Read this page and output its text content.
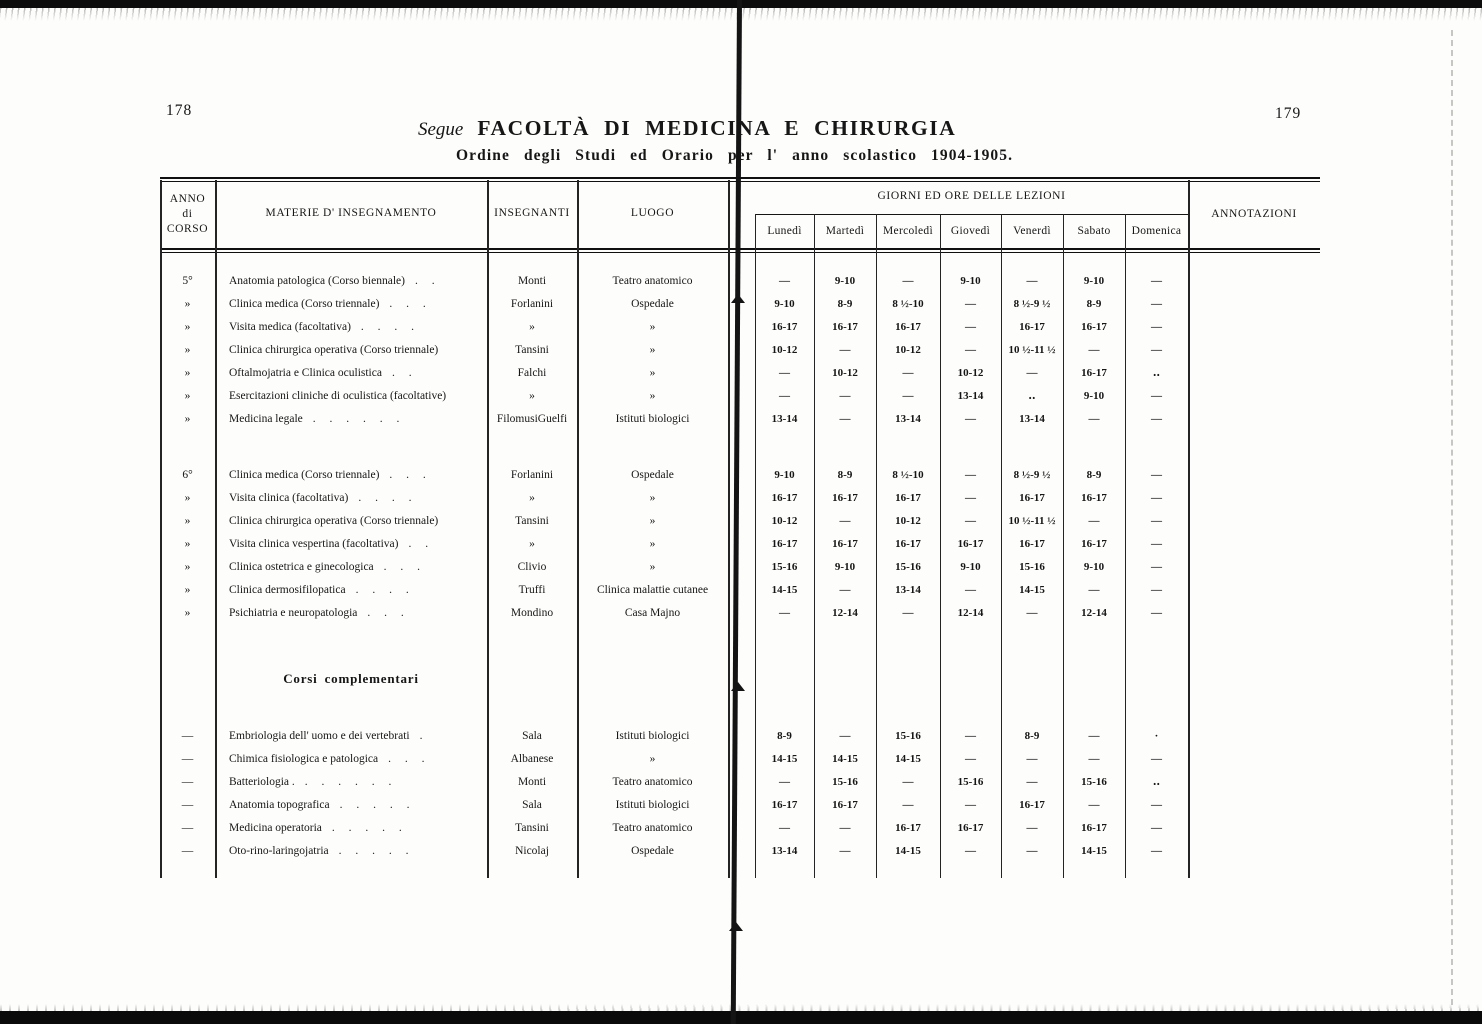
178	179
Segue FACOLTÀ DI MEDICINA E CHIRURGIA
Ordine degli Studi ed Orario per l' anno scolastico 1904-1905.
ANNO
di
CORSO
MATERIE D' INSEGNAMENTO	INSEGNANTI	LUOGO
GIORNI ED ORE DELLE LEZIONI
ANNOTAZIONI
Lunedì	Martedì	Mercoledì	Giovedì	Venerdì	Sabato	Domenica
5°	Anatomia patologica (Corso biennale) . .	Monti	Teatro anatomico	—	9-10	—	9-10	—	9-10	—
»	Clinica medica (Corso triennale) . . .	Forlanini	Ospedale	9-10	8-9	8 ½-10	—	8 ½-9 ½	8-9	—
»	Visita medica (facoltativa) . . . .	»	»	16-17	16-17	16-17	—	16-17	16-17	—
»	Clinica chirurgica operativa (Corso triennale)	Tansini	»	10-12	—	10-12	—	10 ½-11 ½	—	—
»	Oftalmojatria e Clinica oculistica . .	Falchi	»	—	10-12	—	10-12	—	16-17	‥
»	Esercitazioni cliniche di oculistica (facoltative)	»	»	—	—	—	13-14	‥	9-10	—
»	Medicina legale . . . . . .	FilomusiGuelfi	Istituti biologici	13-14	—	13-14	—	13-14	—	—
6°	Clinica medica (Corso triennale) . . .	Forlanini	Ospedale	9-10	8-9	8 ½-10	—	8 ½-9 ½	8-9	—
»	Visita clinica (facoltativa) . . . .	»	»	16-17	16-17	16-17	—	16-17	16-17	—
»	Clinica chirurgica operativa (Corso triennale)	Tansini	»	10-12	—	10-12	—	10 ½-11 ½	—	—
»	Visita clinica vespertina (facoltativa) . .	»	»	16-17	16-17	16-17	16-17	16-17	16-17	—
»	Clinica ostetrica e ginecologica . . .	Clivio	»	15-16	9-10	15-16	9-10	15-16	9-10	—
»	Clinica dermosifilopatica . . . .	Truffi	Clinica malattie cutanee	14-15	—	13-14	—	14-15	—	—
»	Psichiatria e neuropatologia . . .	Mondino	Casa Majno	—	12-14	—	12-14	—	12-14	—
Corsi complementari
—	Embriologia dell' uomo e dei vertebrati .	Sala	Istituti biologici	8-9	—	15-16	—	8-9	—	·
—	Chimica fisiologica e patologica . . .	Albanese	»	14-15	14-15	14-15	—	—	—	—
—	Batteriologia . . . . . . .	Monti	Teatro anatomico	—	15-16	—	15-16	—	15-16	‥
—	Anatomia topografica . . . . .	Sala	Istituti biologici	16-17	16-17	—	—	16-17	—	—
—	Medicina operatoria . . . . .	Tansini	Teatro anatomico	—	—	16-17	16-17	—	16-17	—
—	Oto-rino-laringojatria . . . . .	Nicolaj	Ospedale	13-14	—	14-15	—	—	14-15	—
